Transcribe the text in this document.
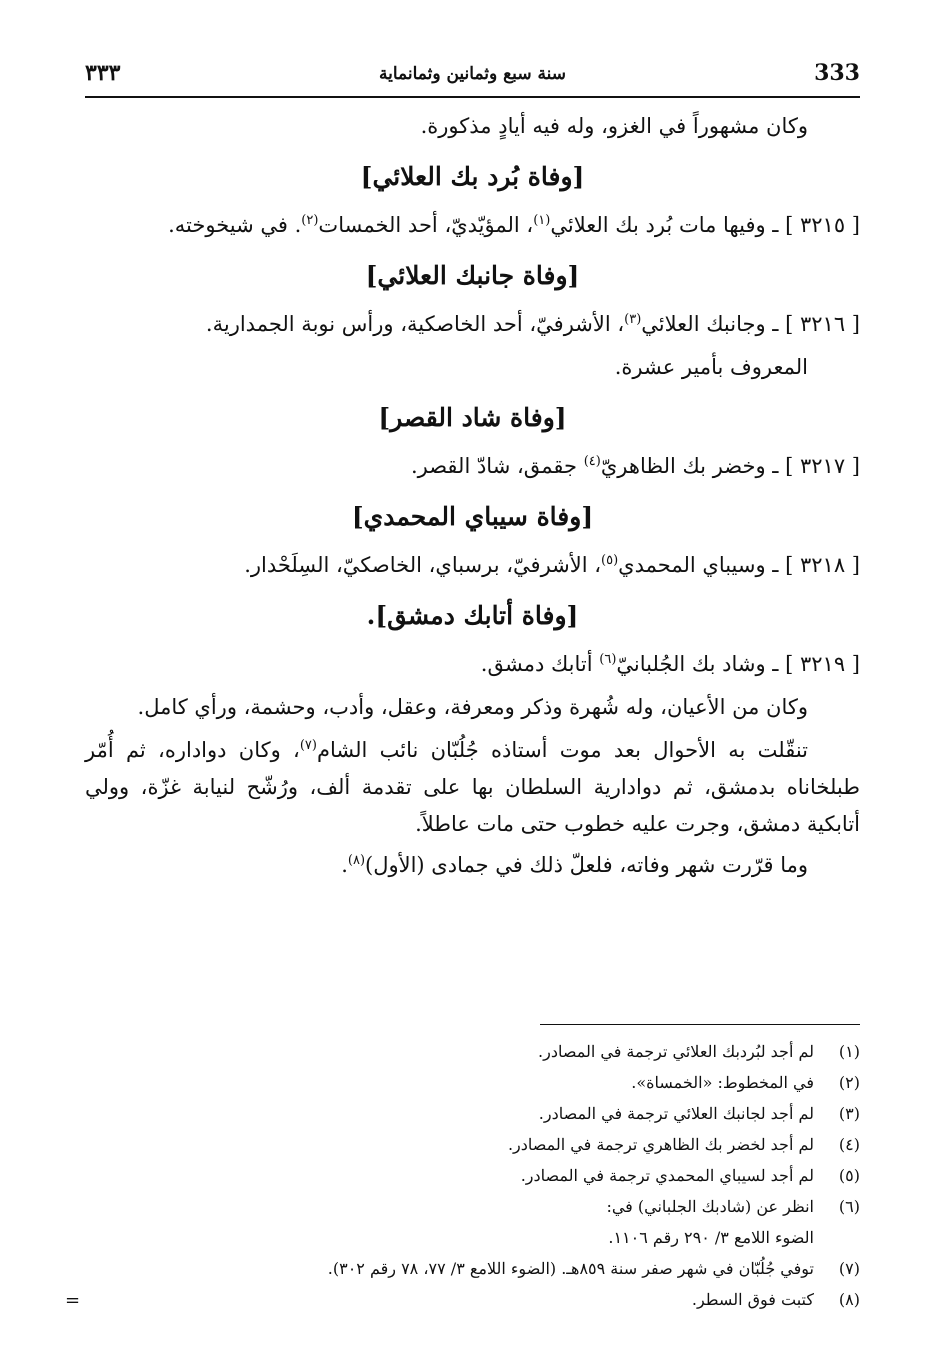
333
سنة سبع وثمانين وثمانماية
٣٣٣

وكان مشهوراً في الغزو، وله فيه أيادٍ مذكورة.

[وفاة بُرد بك العلائي]

[ ٣٢١٥ ] ـ وفيها مات بُرد بك العلائي$^{(١)}$، المؤيّديّ، أحد الخمسات$^{(٢)}$. في شيخوخته.

[وفاة جانبك العلائي]

[ ٣٢١٦ ] ـ وجانبك العلائي$^{(٣)}$، الأشرفيّ، أحد الخاصكية، ورأس نوبة الجمدارية.

المعروف بأمير عشرة.

[وفاة شاد القصر]

[ ٣٢١٧ ] ـ وخضر بك الظاهريّ$^{(٤)}$ جقمق، شادّ القصر.

[وفاة سيباي المحمدي]

[ ٣٢١٨ ] ـ وسيباي المحمدي$^{(٥)}$، الأشرفيّ، برسباي، الخاصكيّ، السِلَحْدار.

[وفاة أتابك دمشق].

[ ٣٢١٩ ] ـ وشاد بك الجُلبانيّ$^{(٦)}$ أتابك دمشق.

وكان من الأعيان، وله شُهرة وذكر ومعرفة، وعقل، وأدب، وحشمة، ورأي كامل.

تنقّلت به الأحوال بعد موت أستاذه جُلُبّان نائب الشام$^{(٧)}$، وكان دواداره، ثم أُمّر طبلخاناه بدمشق، ثم دوادارية السلطان بها على تقدمة ألف، ورُشّح لنيابة غزّة، وولي أتابكية دمشق، وجرت عليه خطوب حتى مات عاطلاً.

وما قرّرت شهر وفاته، فلعلّ ذلك في جمادى (الأول)$^{(٨)}$.

(١)
لم أجد لبُردبك العلائي ترجمة في المصادر.
(٢)
في المخطوط: «الخمساة».
(٣)
لم أجد لجانبك العلائي ترجمة في المصادر.
(٤)
لم أجد لخضر بك الظاهري ترجمة في المصادر.
(٥)
لم أجد لسيباي المحمدي ترجمة في المصادر.
(٦)
انظر عن (شادبك الجلباني) في:
الضوء اللامع ٣/ ٢٩٠ رقم ١١٠٦.
(٧)
توفي جُلُبّان في شهر صفر سنة ٨٥٩هـ. (الضوء اللامع ٣/ ٧٧، ٧٨ رقم ٣٠٢).
(٨)
كتبت فوق السطر.
=
